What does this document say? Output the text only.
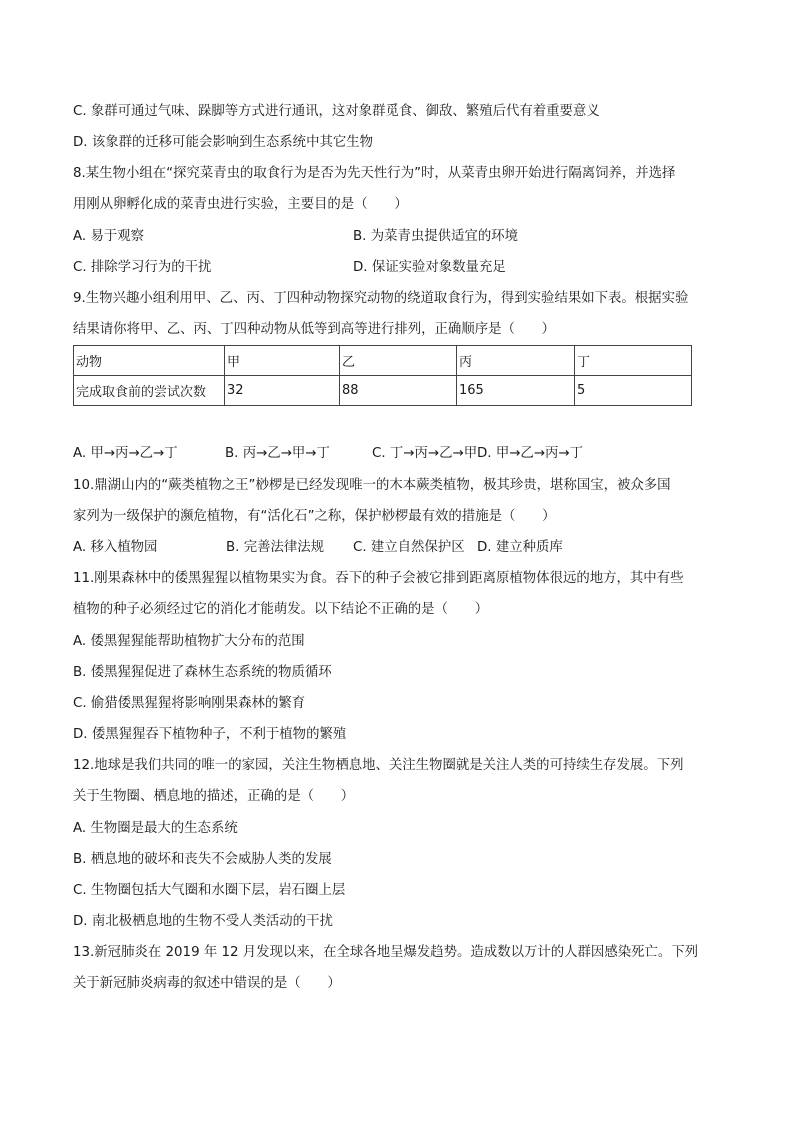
C. 象群可通过气味、跺脚等方式进行通讯，这对象群觅食、御敌、繁殖后代有着重要意义
D. 该象群的迁移可能会影响到生态系统中其它生物
8.某生物小组在“探究菜青虫的取食行为是否为先天性行为”时，从菜青虫卵开始进行隔离饲养，并选择
用刚从卵孵化成的菜青虫进行实验，主要目的是（　　）
A. 易于观察	B. 为菜青虫提供适宜的环境
C. 排除学习行为的干扰	D. 保证实验对象数量充足
9.生物兴趣小组利用甲、乙、丙、丁四种动物探究动物的绕道取食行为，得到实验结果如下表。根据实验
结果请你将甲、乙、丙、丁四种动物从低等到高等进行排列，正确顺序是（　　）
动物	甲	乙	丙	丁
完成取食前的尝试次数	32	88	165	5
A. 甲→丙→乙→丁	B. 丙→乙→甲→丁	C. 丁→丙→乙→甲 D. 甲→乙→丙→丁
10.鼎湖山内的“蕨类植物之王”桫椤是已经发现唯一的木本蕨类植物，极其珍贵，堪称国宝，被众多国
家列为一级保护的濒危植物，有“活化石”之称，保护桫椤最有效的措施是（　　）
A. 移入植物园	B. 完善法律法规 C. 建立自然保护区 D. 建立种质库
11.刚果森林中的倭黑猩猩以植物果实为食。吞下的种子会被它排到距离原植物体很远的地方，其中有些
植物的种子必须经过它的消化才能萌发。以下结论不正确的是（　　）
A. 倭黑猩猩能帮助植物扩大分布的范围
B. 倭黑猩猩促进了森林生态系统的物质循环
C. 偷猎倭黑猩猩将影响刚果森林的繁育
D. 倭黑猩猩吞下植物种子，不利于植物的繁殖
12.地球是我们共同的唯一的家园，关注生物栖息地、关注生物圈就是关注人类的可持续生存发展。下列
关于生物圈、栖息地的描述，正确的是（　　）
A. 生物圈是最大的生态系统
B. 栖息地的破坏和丧失不会威胁人类的发展
C. 生物圈包括大气圈和水圈下层，岩石圈上层
D. 南北极栖息地的生物不受人类活动的干扰
13.新冠肺炎在 2019 年 12 月发现以来，在全球各地呈爆发趋势。造成数以万计的人群因感染死亡。下列
关于新冠肺炎病毒的叙述中错误的是（　　）
